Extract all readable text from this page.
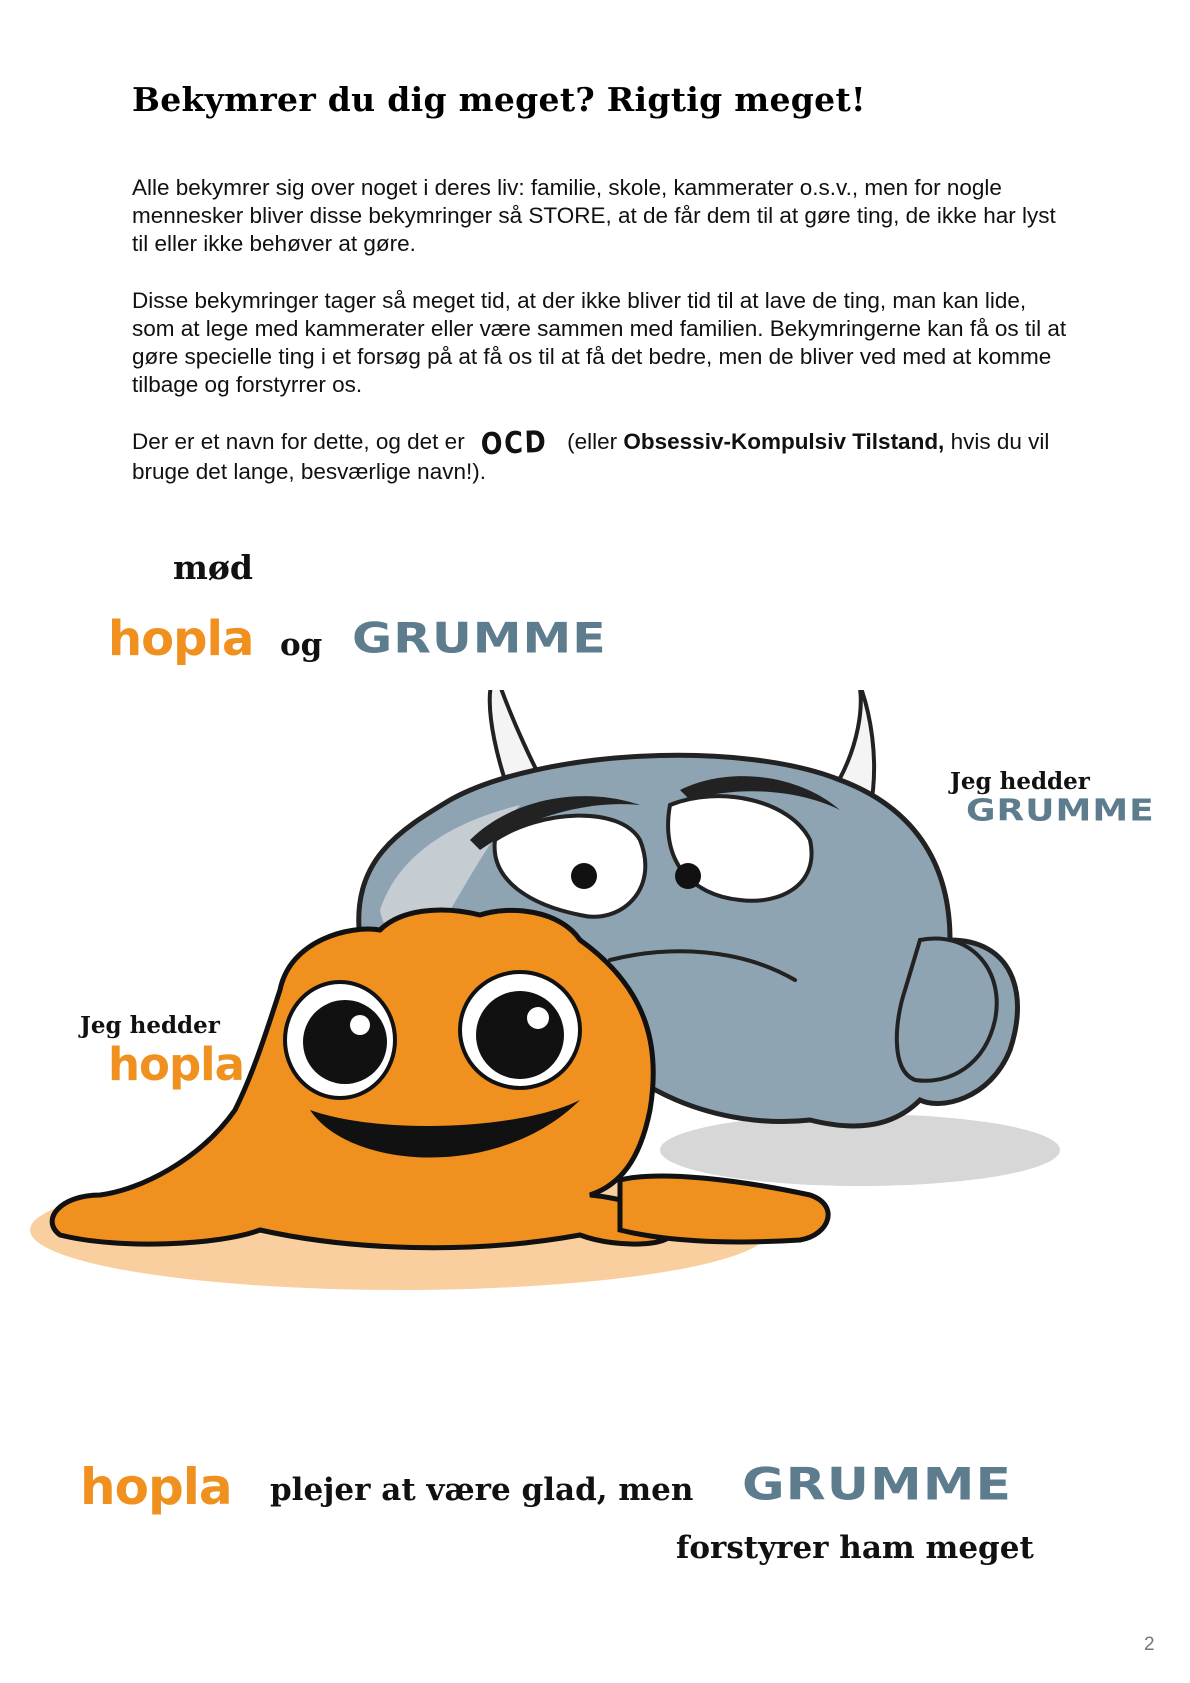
Bekymrer du dig meget? Rigtig meget!

Alle bekymrer sig over noget i deres liv: familie, skole, kammerater o.s.v., men for nogle mennesker bliver disse bekymringer så STORE, at de får dem til at gøre ting, de ikke har lyst til eller ikke behøver at gøre.

Disse bekymringer tager så meget tid, at der ikke bliver tid til at lave de ting, man kan lide, som at lege med kammerater eller være sammen med familien. Bekymringerne kan få os til at gøre specielle ting i et forsøg på at få os til at få det bedre, men de bliver ved med at komme tilbage og forstyrrer os.

Der er et navn for dette, og det er OCD (eller Obsessiv-Kompulsiv Tilstand, hvis du vil bruge det lange, besværlige navn!).

mød
hopla og GRUMME
Jeg hedder
GRUMME
Jeg hedder
hopla
hopla plejer at være glad, men GRUMME
forstyrer ham meget
2
